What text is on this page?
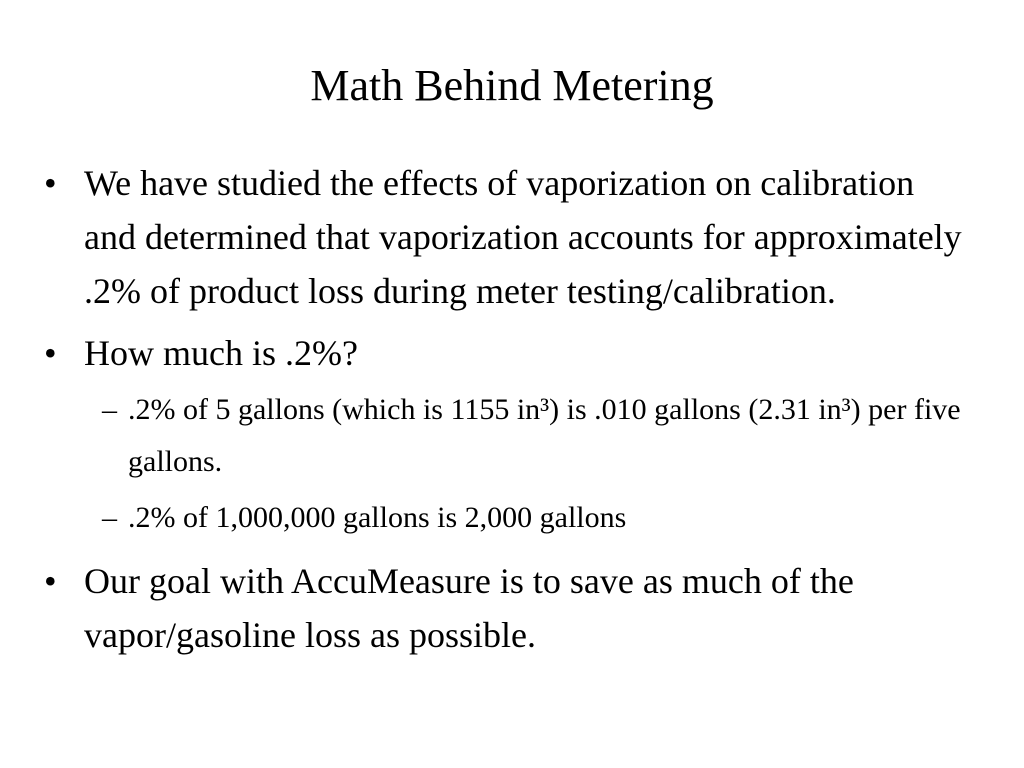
Math Behind Metering
• We have studied the effects of vaporization on calibration and determined that vaporization accounts for approximately .2% of product loss during meter testing/calibration.
• How much is .2%?
– .2% of 5 gallons (which is 1155 in³) is .010 gallons (2.31 in³) per five gallons.
– .2% of 1,000,000 gallons is 2,000 gallons
• Our goal with AccuMeasure is to save as much of the vapor/gasoline loss as possible.
